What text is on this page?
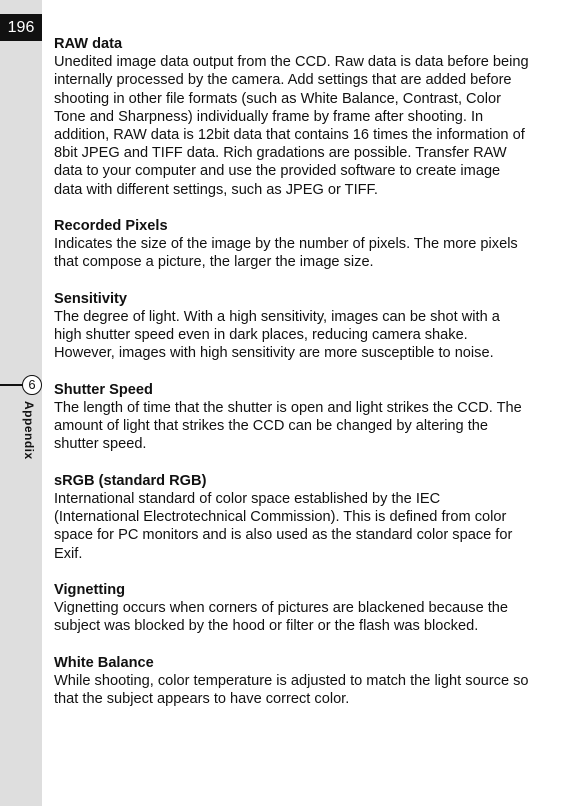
196
6
Appendix
RAW data

Unedited image data output from the CCD. Raw data is data before being internally processed by the camera. Add settings that are added before shooting in other file formats (such as White Balance, Contrast, Color Tone and Sharpness) individually frame by frame after shooting. In addition, RAW data is 12bit data that contains 16 times the information of 8bit JPEG and TIFF data. Rich gradations are possible. Transfer RAW data to your computer and use the provided software to create image data with different settings, such as JPEG or TIFF.

Recorded Pixels

Indicates the size of the image by the number of pixels. The more pixels that compose a picture, the larger the image size.

Sensitivity

The degree of light. With a high sensitivity, images can be shot with a high shutter speed even in dark places, reducing camera shake. However, images with high sensitivity are more susceptible to noise.

Shutter Speed

The length of time that the shutter is open and light strikes the CCD. The amount of light that strikes the CCD can be changed by altering the shutter speed.

sRGB (standard RGB)

International standard of color space established by the IEC (International Electrotechnical Commission). This is defined from color space for PC monitors and is also used as the standard color space for Exif.

Vignetting

Vignetting occurs when corners of pictures are blackened because the subject was blocked by the hood or filter or the flash was blocked.

White Balance

While shooting, color temperature is adjusted to match the light source so that the subject appears to have correct color.
